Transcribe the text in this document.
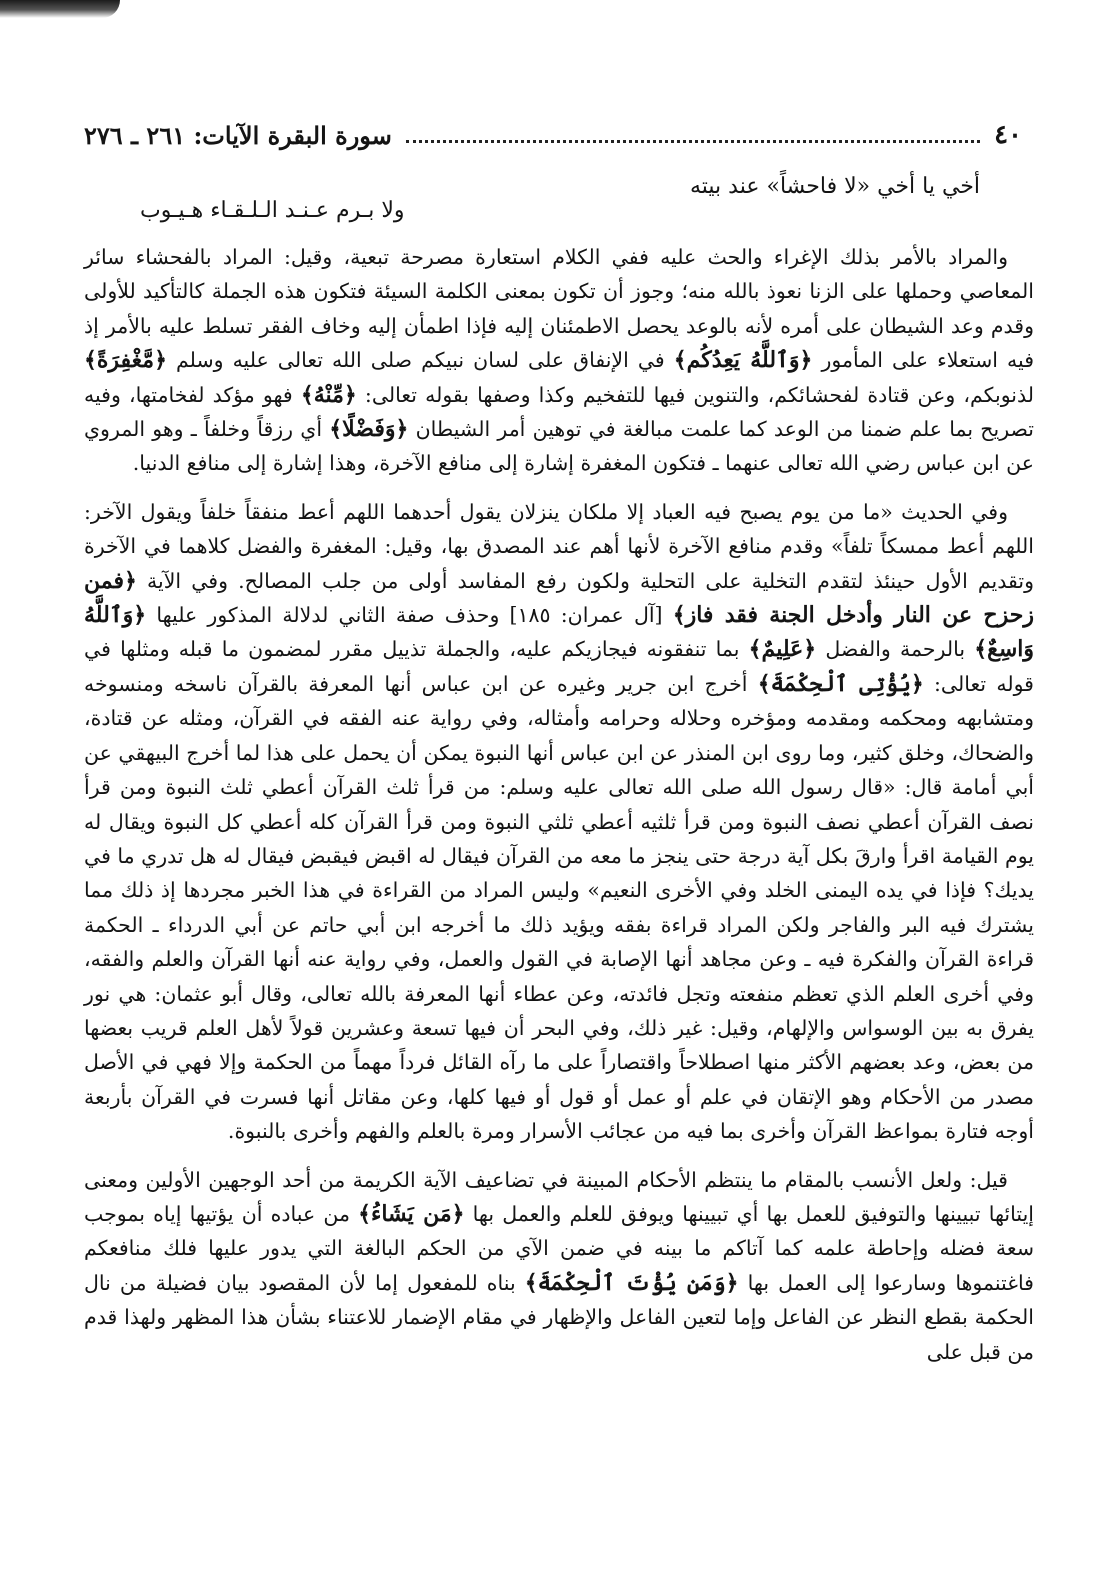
٤٠
سورة البقرة الآيات: ٢٦١ ـ ٢٧٦
أخي يا أخي «لا فاحشاً» عند بيته
ولا بـرم عـنـد الـلـقـاء هـيـوب

والمراد بالأمر بذلك الإغراء والحث عليه ففي الكلام استعارة مصرحة تبعية، وقيل: المراد بالفحشاء سائر المعاصي وحملها على الزنا نعوذ بالله منه؛ وجوز أن تكون بمعنى الكلمة السيئة فتكون هذه الجملة كالتأكيد للأولى وقدم وعد الشيطان على أمره لأنه بالوعد يحصل الاطمئنان إليه فإذا اطمأن إليه وخاف الفقر تسلط عليه بالأمر إذ فيه استعلاء على المأمور ﴿وَٱللَّهُ يَعِدُكُم﴾ في الإنفاق على لسان نبيكم صلى الله تعالى عليه وسلم ﴿مَّغْفِرَةً﴾ لذنوبكم، وعن قتادة لفحشائكم، والتنوين فيها للتفخيم وكذا وصفها بقوله تعالى: ﴿مِّنْهُ﴾ فهو مؤكد لفخامتها، وفيه تصريح بما علم ضمنا من الوعد كما علمت مبالغة في توهين أمر الشيطان ﴿وَفَضْلًا﴾ أي رزقاً وخلفاً ـ وهو المروي عن ابن عباس رضي الله تعالى عنهما ـ فتكون المغفرة إشارة إلى منافع الآخرة، وهذا إشارة إلى منافع الدنيا.

وفي الحديث «ما من يوم يصبح فيه العباد إلا ملكان ينزلان يقول أحدهما اللهم أعط منفقاً خلفاً ويقول الآخر: اللهم أعط ممسكاً تلفاً» وقدم منافع الآخرة لأنها أهم عند المصدق بها، وقيل: المغفرة والفضل كلاهما في الآخرة وتقديم الأول حينئذ لتقدم التخلية على التحلية ولكون رفع المفاسد أولى من جلب المصالح. وفي الآية ﴿فمن زحزح عن النار وأدخل الجنة فقد فاز﴾ [آل عمران: ١٨٥] وحذف صفة الثاني لدلالة المذكور عليها ﴿وَٱللَّهُ وَاسِعٌ﴾ بالرحمة والفضل ﴿عَلِيمٌ﴾ بما تنفقونه فيجازيكم عليه، والجملة تذييل مقرر لمضمون ما قبله ومثلها في قوله تعالى: ﴿يُؤْتِى ٱلْحِكْمَةَ﴾ أخرج ابن جرير وغيره عن ابن عباس أنها المعرفة بالقرآن ناسخه ومنسوخه ومتشابهه ومحكمه ومقدمه ومؤخره وحلاله وحرامه وأمثاله، وفي رواية عنه الفقه في القرآن، ومثله عن قتادة، والضحاك، وخلق كثير، وما روى ابن المنذر عن ابن عباس أنها النبوة يمكن أن يحمل على هذا لما أخرج البيهقي عن أبي أمامة قال: «قال رسول الله صلى الله تعالى عليه وسلم: من قرأ ثلث القرآن أعطي ثلث النبوة ومن قرأ نصف القرآن أعطي نصف النبوة ومن قرأ ثلثيه أعطي ثلثي النبوة ومن قرأ القرآن كله أعطي كل النبوة ويقال له يوم القيامة اقرأ وارقَ بكل آية درجة حتى ينجز ما معه من القرآن فيقال له اقبض فيقبض فيقال له هل تدري ما في يديك؟ فإذا في يده اليمنى الخلد وفي الأخرى النعيم» وليس المراد من القراءة في هذا الخبر مجردها إذ ذلك مما يشترك فيه البر والفاجر ولكن المراد قراءة بفقه ويؤيد ذلك ما أخرجه ابن أبي حاتم عن أبي الدرداء ـ الحكمة قراءة القرآن والفكرة فيه ـ وعن مجاهد أنها الإصابة في القول والعمل، وفي رواية عنه أنها القرآن والعلم والفقه، وفي أخرى العلم الذي تعظم منفعته وتجل فائدته، وعن عطاء أنها المعرفة بالله تعالى، وقال أبو عثمان: هي نور يفرق به بين الوسواس والإلهام، وقيل: غير ذلك، وفي البحر أن فيها تسعة وعشرين قولاً لأهل العلم قريب بعضها من بعض، وعد بعضهم الأكثر منها اصطلاحاً واقتصاراً على ما رآه القائل فرداً مهماً من الحكمة وإلا فهي في الأصل مصدر من الأحكام وهو الإتقان في علم أو عمل أو قول أو فيها كلها، وعن مقاتل أنها فسرت في القرآن بأربعة أوجه فتارة بمواعظ القرآن وأخرى بما فيه من عجائب الأسرار ومرة بالعلم والفهم وأخرى بالنبوة.

قيل: ولعل الأنسب بالمقام ما ينتظم الأحكام المبينة في تضاعيف الآية الكريمة من أحد الوجهين الأولين ومعنى إيتائها تبيينها والتوفيق للعمل بها أي تبيينها ويوفق للعلم والعمل بها ﴿مَن يَشَاءُ﴾ من عباده أن يؤتيها إياه بموجب سعة فضله وإحاطة علمه كما آتاكم ما بينه في ضمن الآي من الحكم البالغة التي يدور عليها فلك منافعكم فاغتنموها وسارعوا إلى العمل بها ﴿وَمَن يُؤْتَ ٱلْحِكْمَةَ﴾ بناه للمفعول إما لأن المقصود بيان فضيلة من نال الحكمة بقطع النظر عن الفاعل وإما لتعين الفاعل والإظهار في مقام الإضمار للاعتناء بشأن هذا المظهر ولهذا قدم من قبل على
